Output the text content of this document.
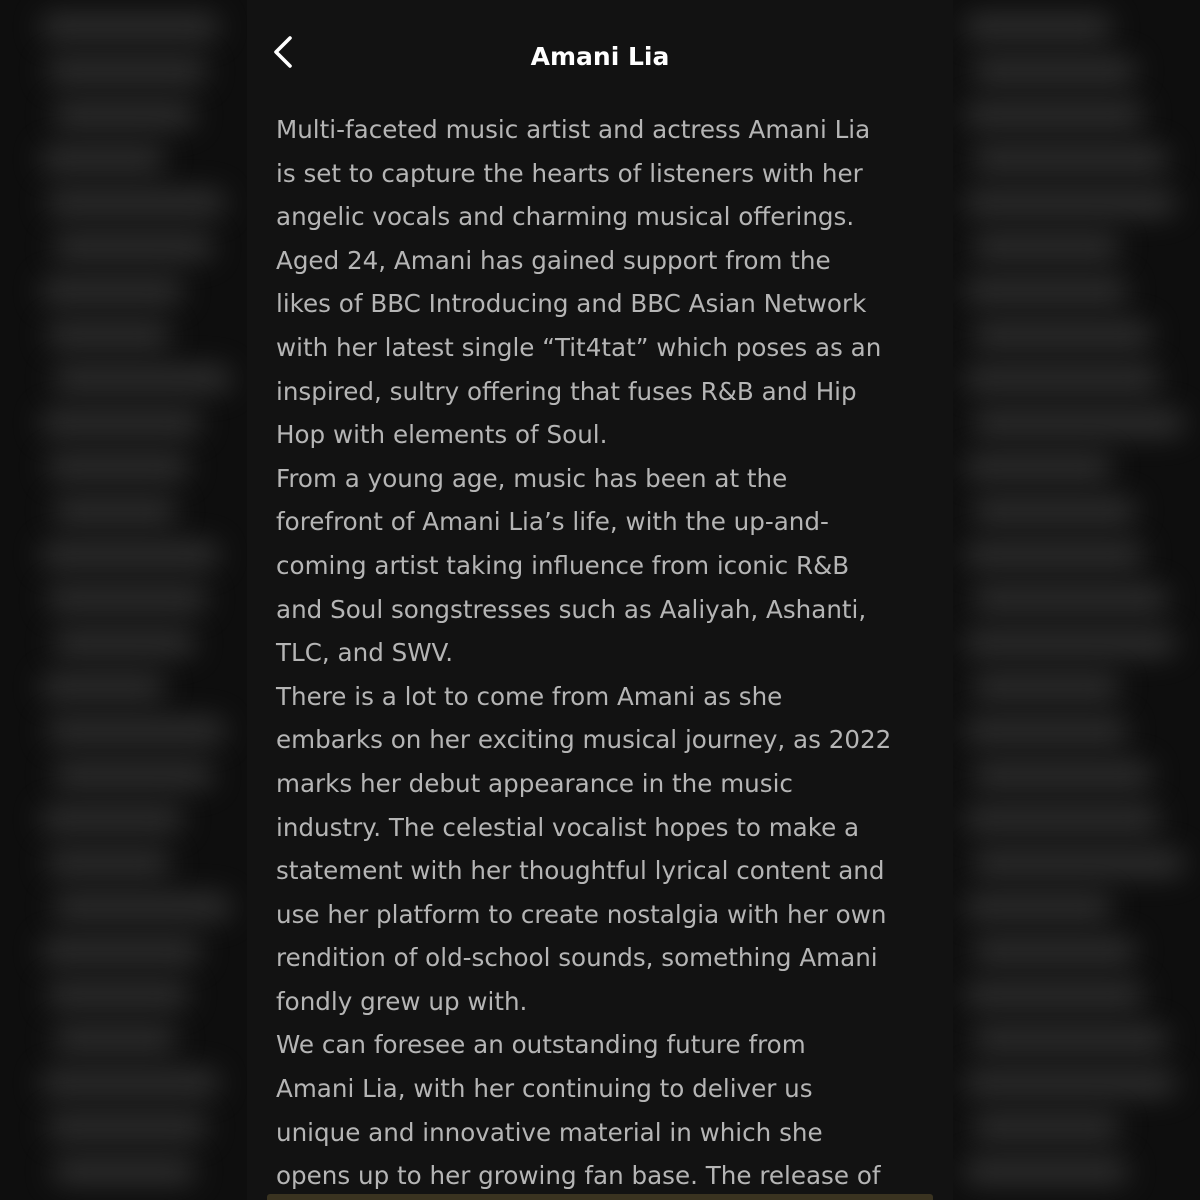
Amani Lia
Multi-faceted music artist and actress Amani Lia
is set to capture the hearts of listeners with her
angelic vocals and charming musical offerings.
Aged 24, Amani has gained support from the
likes of BBC Introducing and BBC Asian Network
with her latest single “Tit4tat” which poses as an
inspired, sultry offering that fuses R&B and Hip
Hop with elements of Soul.
From a young age, music has been at the
forefront of Amani Lia’s life, with the up-and-
coming artist taking influence from iconic R&B
and Soul songstresses such as Aaliyah, Ashanti,
TLC, and SWV.
There is a lot to come from Amani as she
embarks on her exciting musical journey, as 2022
marks her debut appearance in the music
industry. The celestial vocalist hopes to make a
statement with her thoughtful lyrical content and
use her platform to create nostalgia with her own
rendition of old-school sounds, something Amani
fondly grew up with.
We can foresee an outstanding future from
Amani Lia, with her continuing to deliver us
unique and innovative material in which she
opens up to her growing fan base. The release of
